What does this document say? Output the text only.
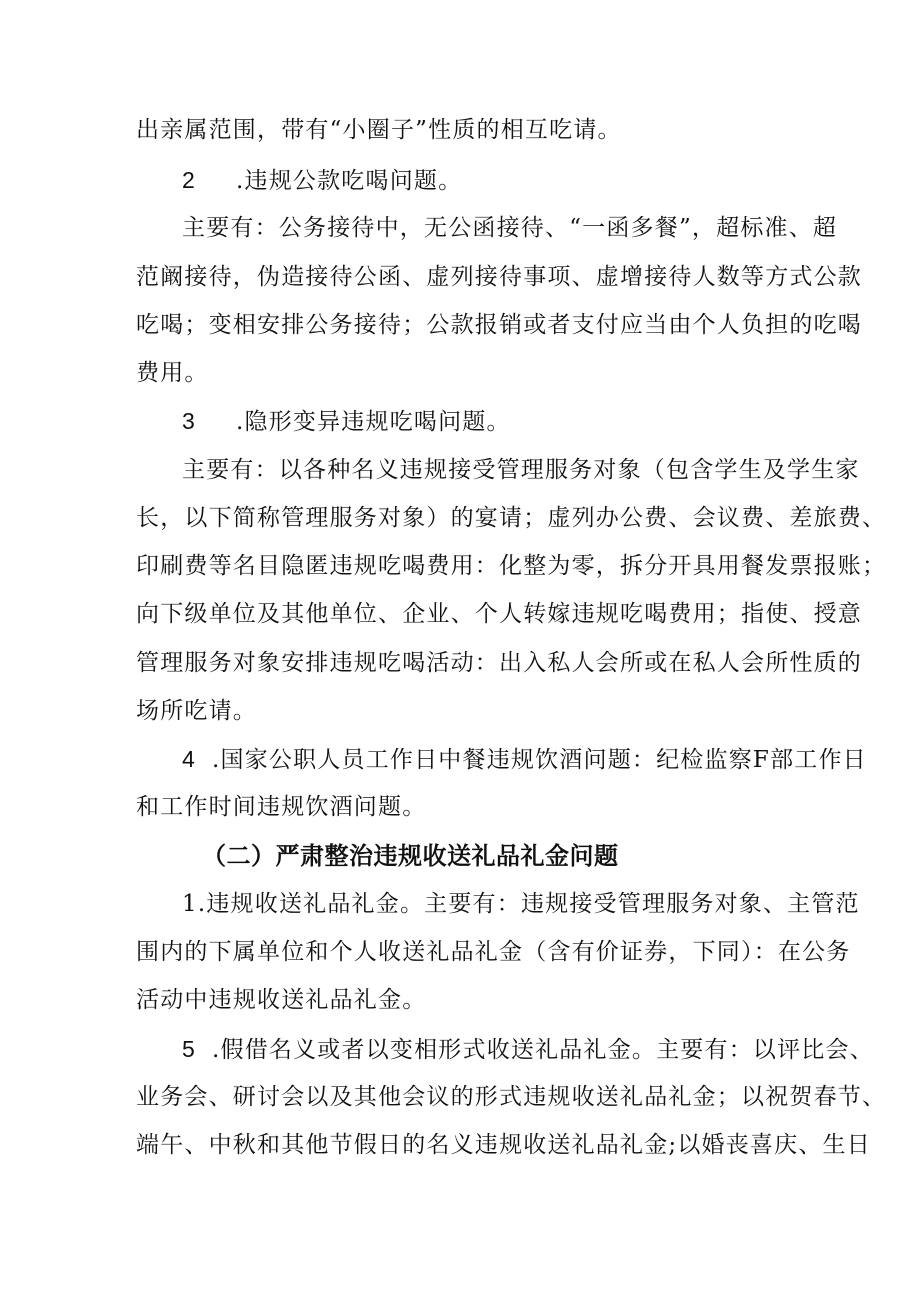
出亲属范围，带有“小圈子”性质的相互吃请。
2 .违规公款吃喝问题。
主要有：公务接待中，无公函接待、“一函多餐”，超标准、超
范阚接待，伪造接待公函、虚列接待事项、虚增接待人数等方式公款
吃喝；变相安排公务接待；公款报销或者支付应当由个人负担的吃喝
费用。
3 .隐形变异违规吃喝问题。
主要有：以各种名义违规接受管理服务对象（包含学生及学生家
长，以下简称管理服务对象）的宴请；虚列办公费、会议费、差旅费、
印刷费等名目隐匿违规吃喝费用：化整为零，拆分开具用餐发票报账；
向下级单位及其他单位、企业、个人转嫁违规吃喝费用；指使、授意
管理服务对象安排违规吃喝活动：出入私人会所或在私人会所性质的
场所吃请。
4 .国家公职人员工作日中餐违规饮酒问题：纪检监察F部工作日
和工作时间违规饮酒问题。
（二）严肃整治违规收送礼品礼金问题
1.违规收送礼品礼金。主要有：违规接受管理服务对象、主管范
围内的下属单位和个人收送礼品礼金（含有价证券，下同）：在公务
活动中违规收送礼品礼金。
5 .假借名义或者以变相形式收送礼品礼金。主要有：以评比会、
业务会、研讨会以及其他会议的形式违规收送礼品礼金；以祝贺春节、
端午、中秋和其他节假日的名义违规收送礼品礼金;以婚丧喜庆、生日
